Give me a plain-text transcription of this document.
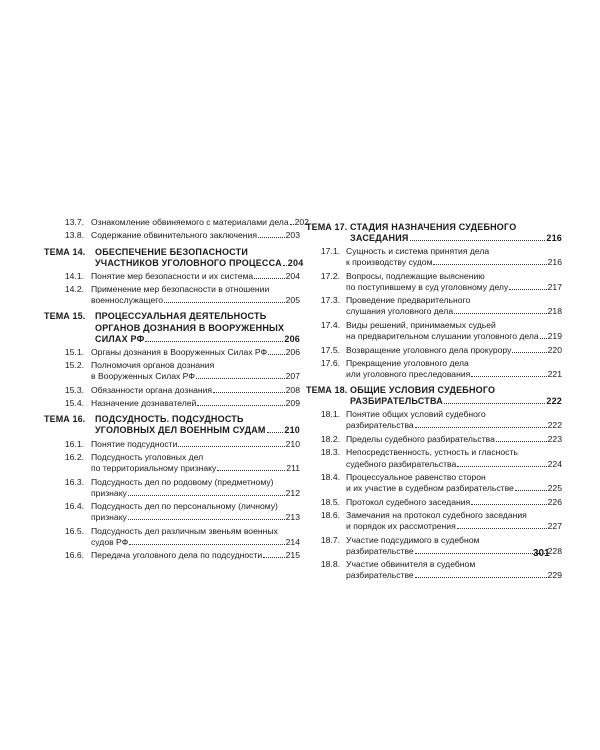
13.7. Ознакомление обвиняемого с материалами дела 202
13.8. Содержание обвинительного заключения	203
ТЕМА 14. ОБЕСПЕЧЕНИЕ БЕЗОПАСНОСТИ
УЧАСТНИКОВ УГОЛОВНОГО ПРОЦЕССА 204
14.1. Понятие мер безопасности и их система	204
14.2. Применение мер безопасности в отношении
военнослужащего	205
ТЕМА 15. ПРОЦЕССУАЛЬНАЯ ДЕЯТЕЛЬНОСТЬ
ОРГАНОВ ДОЗНАНИЯ В ВООРУЖЕННЫХ
СИЛАХ РФ	206
15.1. Органы дознания в Вооруженных Силах РФ 206
15.2. Полномочия органов дознания
в Вооруженных Силах РФ	207
15.3. Обязанности органа дознания	208
15.4. Назначение дознавателей	209
ТЕМА 16. ПОДСУДНОСТЬ. ПОДСУДНОСТЬ
УГОЛОВНЫХ ДЕЛ ВОЕННЫМ СУДАМ 210
16.1. Понятие подсудности	210
16.2. Подсудность уголовных дел
по территориальному признаку	211
16.3. Подсудность дел по родовому (предметному)
признаку	212
16.4. Подсудность дел по персональному (личному)
признаку	213
16.5. Подсудность дел различным звеньям военных
судов РФ	214
16.6. Передача уголовного дела по подсудности	215
ТЕМА 17. СТАДИЯ НАЗНАЧЕНИЯ СУДЕБНОГО
ЗАСЕДАНИЯ	216
17.1. Сущность и система принятия дела
к производству судом	216
17.2. Вопросы, подлежащие выяснению
по поступившему в суд уголовному делу	217
17.3. Проведение предварительного
слушания уголовного дела	218
17.4. Виды решений, принимаемых судьей
на предварительном слушании уголовного дела 219
17.5. Возвращение уголовного дела прокурору	220
17.6. Прекращение уголовного дела
или уголовного преследования	221
ТЕМА 18. ОБЩИЕ УСЛОВИЯ СУДЕБНОГО
РАЗБИРАТЕЛЬСТВА	222
18.1. Понятие общих условий судебного
разбирательства	222
18.2. Пределы судебного разбирательства	223
18.3. Непосредственность, устность и гласность
судебного разбирательства	224
18.4. Процессуальное равенство сторон
и их участие в судебном разбирательстве	225
18.5. Протокол судебного заседания	226
18.6. Замечания на протокол судебного заседания
и порядок их рассмотрения	227
18.7. Участие подсудимого в судебном
разбирательстве	228
18.8. Участие обвинителя в судебном
разбирательстве	229
301
